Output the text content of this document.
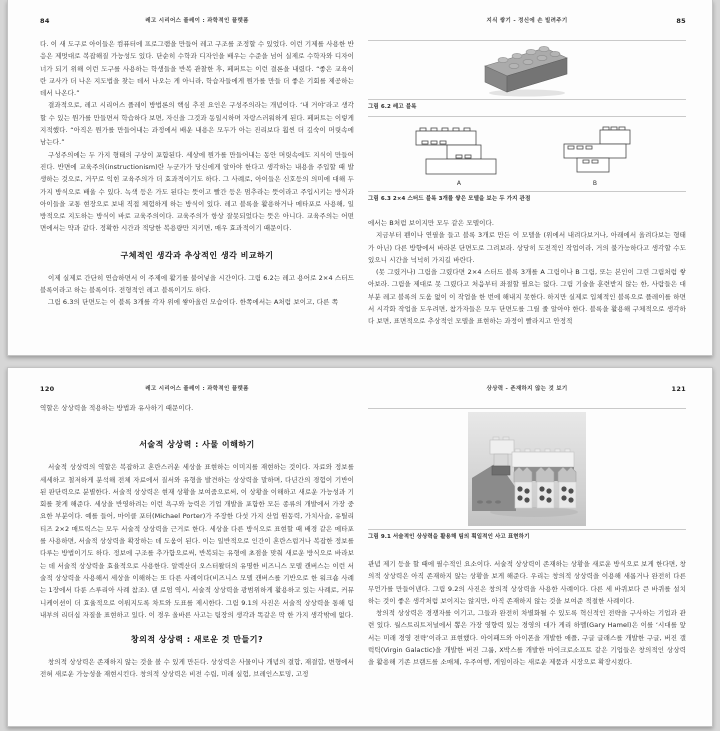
84	레고 시리어스 플레이 : 과학적인 플랫폼

다. 이 새 도구로 아이들은 컴퓨터에 프로그램을 만들어 레고 구조를 조정할 수 있었다. 이런 기제를 사용한 반응은 제멋대로 복잡해질 가능성도 있다. 단순히 수학과 디자인을 배우는 수준을 넘어 실제로 수학자와 디자이너가 되기 위해 이런 도구를 사용하는 학생들을 반복 관찰한 후, 페퍼트는 이런 결론을 내렸다. “좋은 교육이란 교사가 더 나은 지도법을 찾는 데서 나오는 게 아니라, 학습자들에게 뭔가를 만들 더 좋은 기회를 제공하는 데서 나온다.”

결과적으로, 레고 시리어스 플레이 방법론의 핵심 추진 요인은 구성주의라는 개념이다. ‘내 거야’라고 생각할 수 있는 뭔가를 만들면서 학습하다 보면, 자신을 그것과 동일시하며 자랑스러워하게 된다. 페퍼트는 이렇게 지적했다. “아직은 뭔가를 만들어내는 과정에서 배운 내용은 모두가 아는 진리보다 훨씬 더 깊숙이 머릿속에 남는다.”

구성주의에는 두 가지 형태의 구상이 포함된다. 세상에 뭔가를 만들어내는 동안 머릿속에도 지식이 만들어진다. 반면에 교육주의(instructionism)란 누군가가 당신에게 알아야 한다고 생각하는 내용을 주입할 때 발생하는 것으로, 거꾸로 익힌 교육주의가 더 효과적이기도 하다. 그 사례로, 아이들은 신호등의 의미에 대해 두 가지 방식으로 배울 수 있다. 녹색 등은 가도 된다는 뜻이고 빨간 등은 멈추라는 뜻이라고 주입시키는 방식과 아이들을 교통 현장으로 보내 직접 체험하게 하는 방식이 있다. 레고 블록을 활용하거나 메타포로 사용해, 일방적으로 지도하는 방식이 바로 교육주의이다. 교육주의가 항상 잘못되었다는 뜻은 아니다. 교육주의는 어떤 면에서는 약과 같다. 정확한 시간과 적당한 복용량만 지키면, 매우 효과적이기 때문이다.

구체적인 생각과 추상적인 생각 비교하기

이제 실제로 간단히 연습하면서 이 주제에 활기를 불어넣을 시간이다. 그림 6.2는 레고 용어로 2×4 스터드 블록이라고 하는 블록이다. 전형적인 레고 블록이기도 하다.

그림 6.3의 단면도는 이 블록 3개를 각자 위에 쌓아올린 모습이다. 한쪽에서는 A처럼 보이고, 다른 쪽

지식 쌓기 - 정신에 손 빌려주기	85
그림 6.2 레고 블록
A	B
그림 6.3 2×4 스터드 블록 3개를 쌓은 모델을 보는 두 가지 관점

에서는 B처럼 보이지만 모두 같은 모델이다.

지금부터 펜이나 연필을 들고 블록 3개로 만든 이 모델을 (위에서 내려다보거나, 아래에서 올려다보는 형태가 아닌) 다른 방향에서 바라본 단면도로 그려보라. 상당히 도전적인 작업이라, 거의 불가능하다고 생각할 수도 있으니 시간을 넉넉히 가지길 바란다.

(못 그렸거나) 그림을 그렸다면 2×4 스터드 블록 3개를 A 그림이나 B 그림, 또는 본인이 그린 그림처럼 쌓아보라. 그림을 제대로 못 그렸다고 처음부터 좌절할 필요는 없다. 그림 기술을 훈련받지 않는 한, 사람들은 대부분 레고 블록의 도움 없이 이 작업을 한 번에 해내지 못한다. 하지만 실제로 입체적인 블록으로 플레이를 하면서 시각화 작업을 도우려면, 참가자들은 모두 단면도를 그릴 줄 알아야 한다. 블록을 활용해 구체적으로 생각하다 보면, 표면적으로 추상적인 모델을 표현하는 과정이 빨라지고 안정적

120	레고 시리어스 플레이 : 과학적인 플랫폼

역할은 상상력을 적용하는 방법과 유사하기 때문이다.

서술적 상상력 : 사물 이해하기

서술적 상상력의 역할은 복잡하고 혼란스러운 세상을 표현하는 이미지를 재현하는 것이다. 자료와 정보를 세세하고 철저하게 분석해 전체 자료에서 질서와 유형을 발견하는 상상력을 말하며, 다년간의 경험이 기반이 된 판단력으로 분별한다. 서술적 상상력은 현재 상황을 보여줌으로써, 이 상황을 이해하고 새로운 가능성과 기회를 찾게 해준다. 세상을 반영하려는 이런 욕구와 능력은 기업 개발을 포함한 모든 종류의 개발에서 가장 중요한 부분이다. 예를 들어, 마이클 포터(Michael Porter)가 주장한 다섯 가지 산업 원동력, 가치사슬, 유틸리티즈 2×2 매트릭스는 모두 서술적 상상력을 근거로 한다. 세상을 다른 방식으로 표현할 때 배경 같은 메타포를 사용하면, 서술적 상상력을 확장하는 데 도움이 된다. 이는 일반적으로 인간이 혼란스럽거나 복잡한 정보를 다루는 방법이기도 하다. 정보에 구조를 추가함으로써, 반복되는 유형에 초점을 맞춰 새로운 방식으로 바라보는 데 서술적 상상력을 효율적으로 사용한다. 알렉산더 오스터왈더의 유명한 비즈니스 모델 캔버스는 이런 서술적 상상력을 사용해서 세상을 이해하는 또 다른 사례이다(비즈니스 모델 캔버스를 기반으로 한 워크숍 사례는 1장에서 다룬 스루리아 사례 참조). 댄 로엄 역시, 서술적 상상력을 광범위하게 활용하고 있는 사례로, 커뮤니케이션이 더 효율적으로 이뤄지도록 차트와 도표를 제시한다. 그림 9.1의 사진은 서술적 상상력을 통해 팀 내부의 리더십 자질을 표현하고 있다. 이 경우 올바른 사고는 팀장의 생각과 똑같은 딱 한 가지 생각밖에 없다.

창의적 상상력 : 새로운 것 만들기?

창의적 상상력은 존재하지 않는 것을 볼 수 있게 만든다. 상상력은 사물이나 개념의 결합, 재결합, 변형에서 전혀 새로운 가능성을 재현시킨다. 창의적 상상력은 비전 수립, 미래 실험, 브레인스토밍, 고정

상상력 - 존재하지 않는 것 보기	121
그림 9.1 서술적인 상상력을 활용해 팀의 획일적인 사고 표현하기

관념 제기 등을 할 때에 필수적인 요소이다. 서술적 상상력이 존재하는 상황을 새로운 방식으로 보게 한다면, 창의적 상상력은 아직 존재하지 않는 상황을 보게 해준다. 우리는 창의적 상상력을 이용해 새롭거나 완전히 다른 무언가를 만들어낸다. 그림 9.2의 사진은 창의적 상상력을 사용한 사례이다. 다른 세 바퀴보다 큰 바퀴를 설치하는 것이 좋은 생각처럼 보이지는 않지만, 아직 존재하지 않는 것을 보여준 적절한 사례이다.

창의적 상상력은 경쟁자를 이기고, 그들과 완전히 차별화될 수 있도록 혁신적인 전략을 구사하는 기업과 관련 있다. 월스트리트저널에서 뽑은 가장 영향력 있는 경영의 대가 게리 하멜(Gary Hamel)은 이를 ‘시대를 앞서는 미래 경영 전략’이라고 표현했다. 아이패드와 아이폰을 개발한 애플, 구글 글래스를 개발한 구글, 버진 갤럭틱(Virgin Galactic)을 개발한 버진 그룹, X박스를 개발한 마이크로소프트 같은 기업들은 창의적인 상상력을 활용해 기존 브랜드를 소매체, 우주여행, 게임이라는 새로운 제품과 시장으로 확장시켰다.
